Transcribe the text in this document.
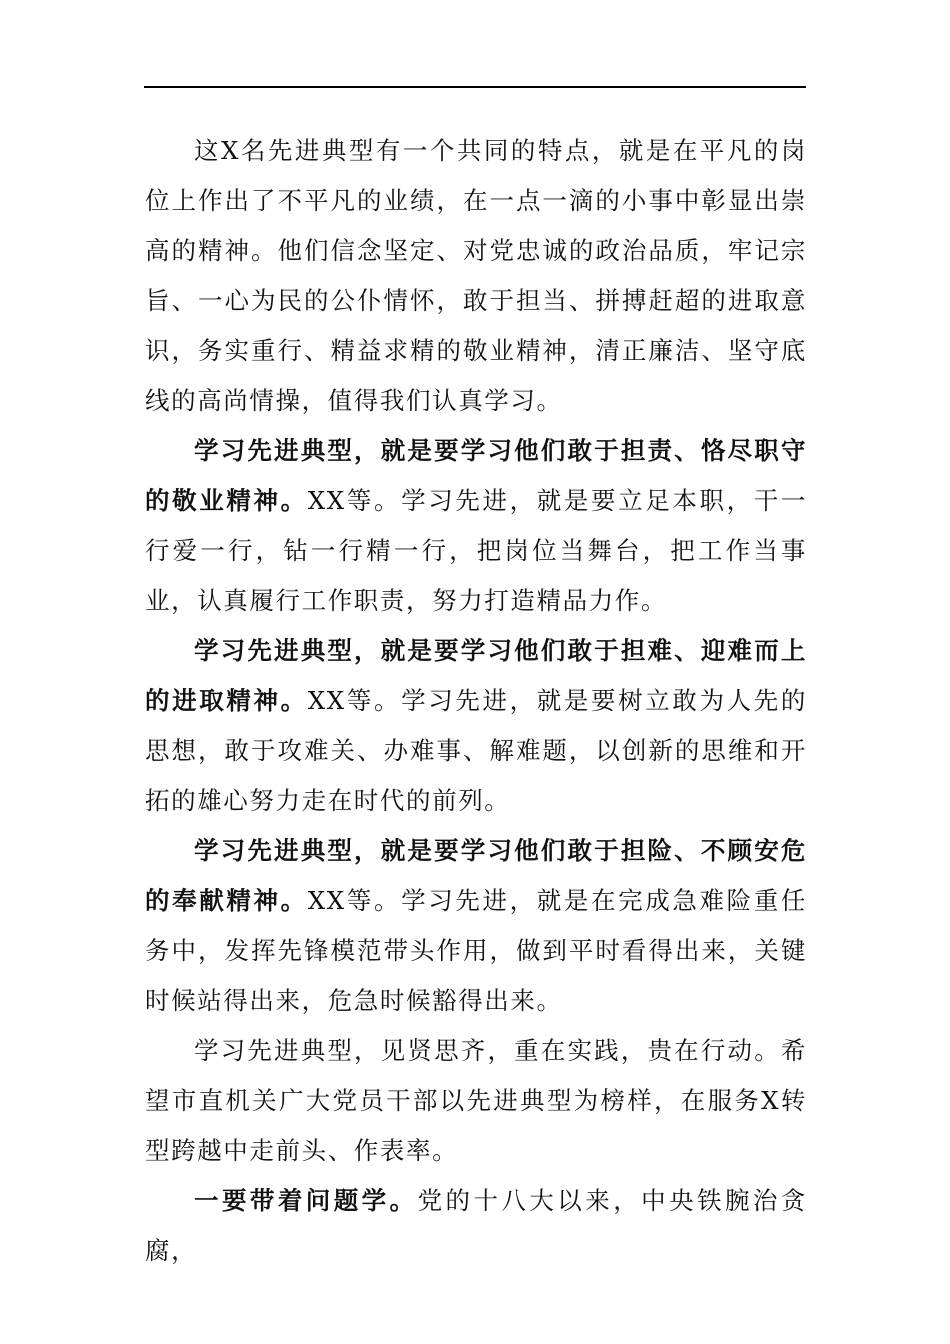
这X名先进典型有一个共同的特点，就是在平凡的岗位上作出了不平凡的业绩，在一点一滴的小事中彰显出崇高的精神。他们信念坚定、对党忠诚的政治品质，牢记宗旨、一心为民的公仆情怀，敢于担当、拼搏赶超的进取意识，务实重行、精益求精的敬业精神，清正廉洁、坚守底线的高尚情操，值得我们认真学习。

学习先进典型，就是要学习他们敢于担责、恪尽职守的敬业精神。XX等。学习先进，就是要立足本职，干一行爱一行，钻一行精一行，把岗位当舞台，把工作当事业，认真履行工作职责，努力打造精品力作。

学习先进典型，就是要学习他们敢于担难、迎难而上的进取精神。XX等。学习先进，就是要树立敢为人先的思想，敢于攻难关、办难事、解难题，以创新的思维和开拓的雄心努力走在时代的前列。

学习先进典型，就是要学习他们敢于担险、不顾安危的奉献精神。XX等。学习先进，就是在完成急难险重任务中，发挥先锋模范带头作用，做到平时看得出来，关键时候站得出来，危急时候豁得出来。

学习先进典型，见贤思齐，重在实践，贵在行动。希望市直机关广大党员干部以先进典型为榜样，在服务X转型跨越中走前头、作表率。

一要带着问题学。党的十八大以来，中央铁腕治贪腐，
